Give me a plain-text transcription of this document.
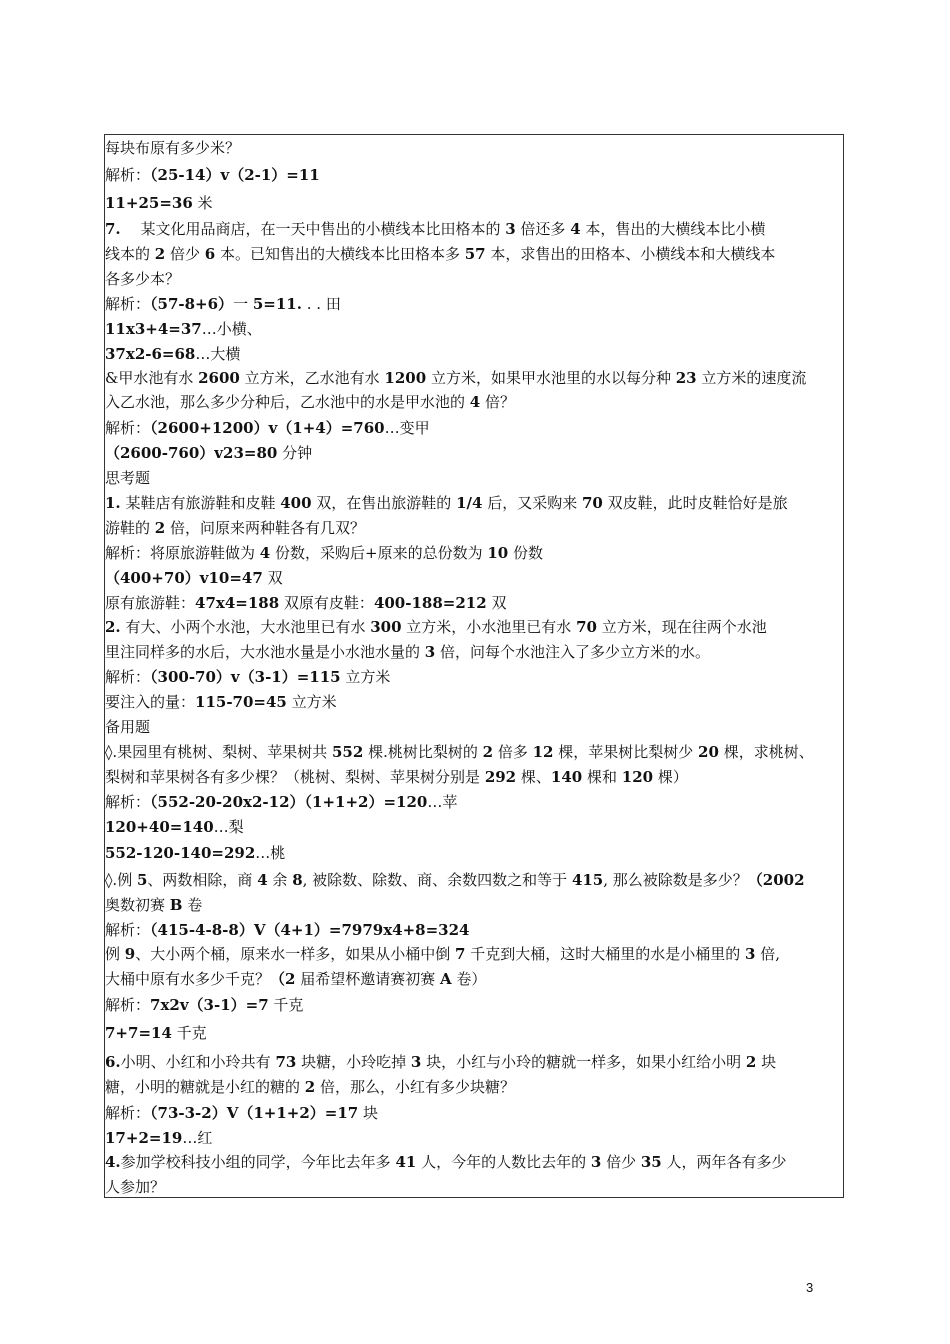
每块布原有多少米？
解析：（25-14）v（2-1）=11
11+25=36 米
7.　 某文化用品商店，在一天中售出的小横线本比田格本的 3 倍还多 4 本，售出的大横线本比小横
线本的 2 倍少 6 本。已知售出的大横线本比田格本多 57 本，求售出的田格本、小横线本和大横线本
各多少本？
解析：（57-8+6）一 5=11. . . 田
11x3+4=37…小横、
37x2-6=68…大横
&甲水池有水 2600 立方米，乙水池有水 1200 立方米，如果甲水池里的水以每分种 23 立方米的速度流
入乙水池，那么多少分种后，乙水池中的水是甲水池的 4 倍？
解析：（2600+1200）v（1+4）=760…变甲
（2600-760）v23=80 分钟
思考题
1. 某鞋店有旅游鞋和皮鞋 400 双，在售出旅游鞋的 1/4 后，又采购来 70 双皮鞋，此时皮鞋恰好是旅
游鞋的 2 倍，问原来两种鞋各有几双？
解析：将原旅游鞋做为 4 份数，采购后+原来的总份数为 10 份数
（400+70）v10=47 双
原有旅游鞋：47x4=188 双原有皮鞋：400-188=212 双
2. 有大、小两个水池，大水池里已有水 300 立方米，小水池里已有水 70 立方米，现在往两个水池
里注同样多的水后，大水池水量是小水池水量的 3 倍，问每个水池注入了多少立方米的水。
解析：（300-70）v（3-1）=115 立方米
要注入的量：115-70=45 立方米
备用题
◊.果园里有桃树、梨树、苹果树共 552 棵.桃树比梨树的 2 倍多 12 棵，苹果树比梨树少 20 棵，求桃树、
梨树和苹果树各有多少棵？（桃树、梨树、苹果树分别是 292 棵、140 棵和 120 棵）
解析：（552-20-20x2-12）（1+1+2）=120…苹
120+40=140…梨
552-120-140=292…桃
◊.例 5、两数相除，商 4 余 8, 被除数、除数、商、余数四数之和等于 415, 那么被除数是多少？（2002
奥数初赛 B 卷
解析：（415-4-8-8）V（4+1）=7979x4+8=324
例 9、大小两个桶，原来水一样多，如果从小桶中倒 7 千克到大桶，这时大桶里的水是小桶里的 3 倍,
大桶中原有水多少千克？（2 届希望杯邀请赛初赛 A 卷）
解析：7x2v（3-1）=7 千克
7+7=14 千克
6.小明、小红和小玲共有 73 块糖，小玲吃掉 3 块，小红与小玲的糖就一样多，如果小红给小明 2 块
糖，小明的糖就是小红的糖的 2 倍，那么，小红有多少块糖？
解析：（73-3-2）V（1+1+2）=17 块
17+2=19…红
4.参加学校科技小组的同学，今年比去年多 41 人，今年的人数比去年的 3 倍少 35 人，两年各有多少
人参加？
3
